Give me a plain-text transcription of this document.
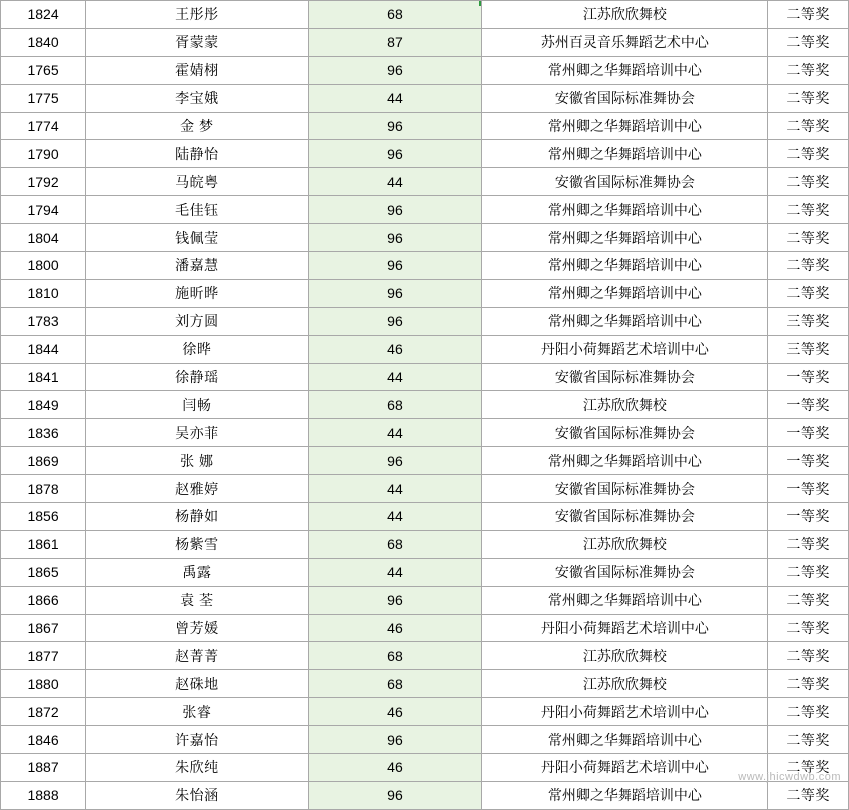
1824	王彤彤	68	江苏欣欣舞校	二等奖
1840	胥蒙蒙	87	苏州百灵音乐舞蹈艺术中心	二等奖
1765	霍婧栩	96	常州卿之华舞蹈培训中心	二等奖
1775	李宝娥	44	安徽省国际标准舞协会	二等奖
1774	金 梦	96	常州卿之华舞蹈培训中心	二等奖
1790	陆静怡	96	常州卿之华舞蹈培训中心	二等奖
1792	马皖粤	44	安徽省国际标准舞协会	二等奖
1794	毛佳钰	96	常州卿之华舞蹈培训中心	二等奖
1804	钱佩莹	96	常州卿之华舞蹈培训中心	二等奖
1800	潘嘉慧	96	常州卿之华舞蹈培训中心	二等奖
1810	施昕晔	96	常州卿之华舞蹈培训中心	二等奖
1783	刘方圆	96	常州卿之华舞蹈培训中心	三等奖
1844	徐晔	46	丹阳小荷舞蹈艺术培训中心	三等奖
1841	徐静瑶	44	安徽省国际标准舞协会	一等奖
1849	闫畅	68	江苏欣欣舞校	一等奖
1836	吴亦菲	44	安徽省国际标准舞协会	一等奖
1869	张 娜	96	常州卿之华舞蹈培训中心	一等奖
1878	赵雅婷	44	安徽省国际标准舞协会	一等奖
1856	杨静如	44	安徽省国际标准舞协会	一等奖
1861	杨紫雪	68	江苏欣欣舞校	二等奖
1865	禹露	44	安徽省国际标准舞协会	二等奖
1866	袁 荃	96	常州卿之华舞蹈培训中心	二等奖
1867	曾芳媛	46	丹阳小荷舞蹈艺术培训中心	二等奖
1877	赵菁菁	68	江苏欣欣舞校	二等奖
1880	赵硃地	68	江苏欣欣舞校	二等奖
1872	张睿	46	丹阳小荷舞蹈艺术培训中心	二等奖
1846	许嘉怡	96	常州卿之华舞蹈培训中心	二等奖
1887	朱欣纯	46	丹阳小荷舞蹈艺术培训中心	二等奖
1888	朱怡涵	96	常州卿之华舞蹈培训中心	二等奖
www.jhicwdwb.com
